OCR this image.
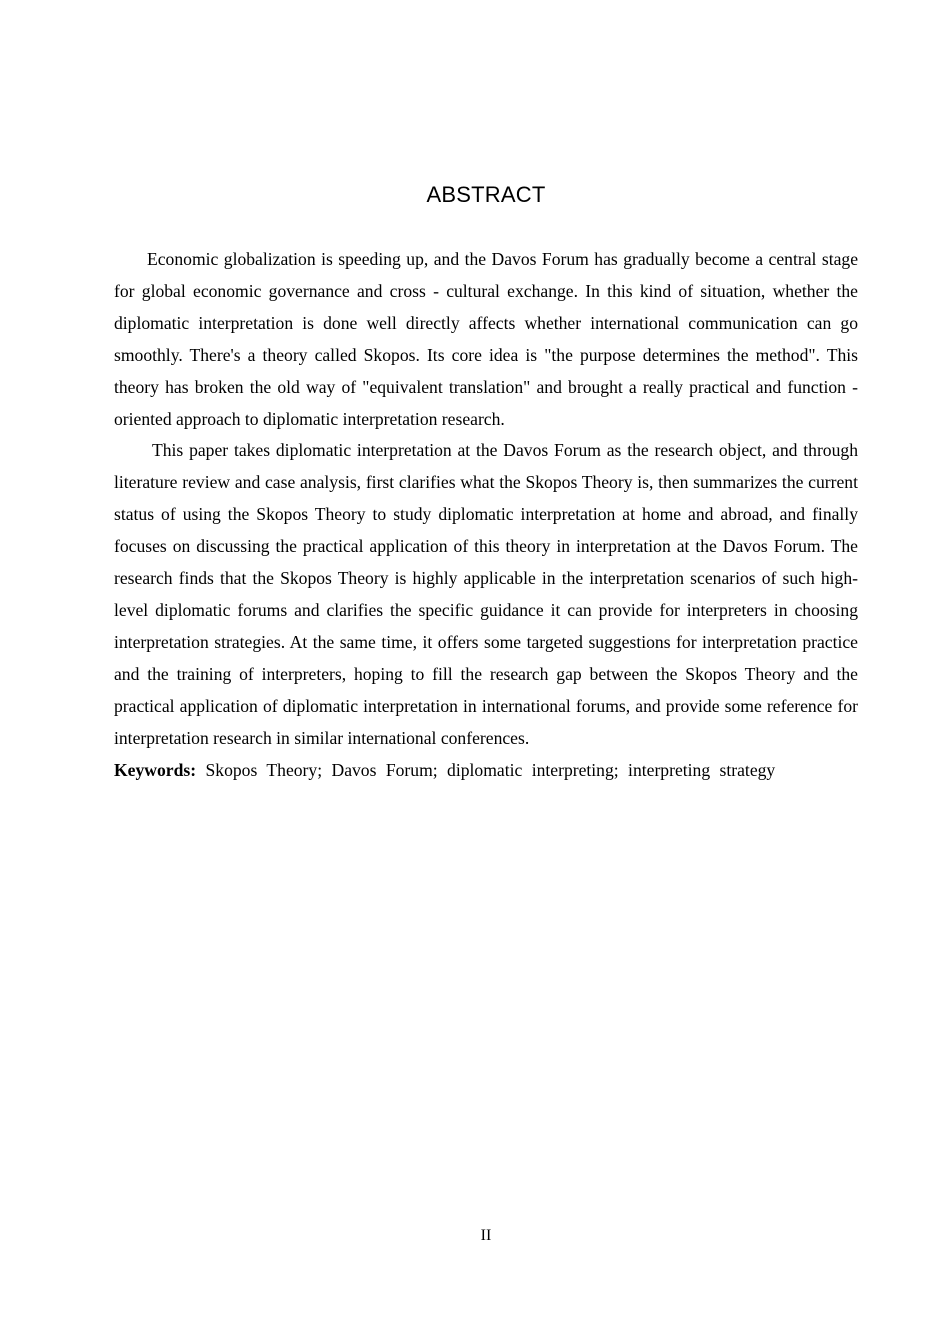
ABSTRACT

Economic globalization is speeding up, and the Davos Forum has gradually become a central stage for global economic governance and cross - cultural exchange. In this kind of situation, whether the diplomatic interpretation is done well directly affects whether international communication can go smoothly. There's a theory called Skopos. Its core idea is "the purpose determines the method". This theory has broken the old way of "equivalent translation" and brought a really practical and function - oriented approach to diplomatic interpretation research.

This paper takes diplomatic interpretation at the Davos Forum as the research object, and through literature review and case analysis, first clarifies what the Skopos Theory is, then summarizes the current status of using the Skopos Theory to study diplomatic interpretation at home and abroad, and finally focuses on discussing the practical application of this theory in interpretation at the Davos Forum. The research finds that the Skopos Theory is highly applicable in the interpretation scenarios of such high-level diplomatic forums and clarifies the specific guidance it can provide for interpreters in choosing interpretation strategies. At the same time, it offers some targeted suggestions for interpretation practice and the training of interpreters, hoping to fill the research gap between the Skopos Theory and the practical application of diplomatic interpretation in international forums, and provide some reference for interpretation research in similar international conferences.

Keywords: Skopos Theory; Davos Forum; diplomatic interpreting; interpreting strategy

II
